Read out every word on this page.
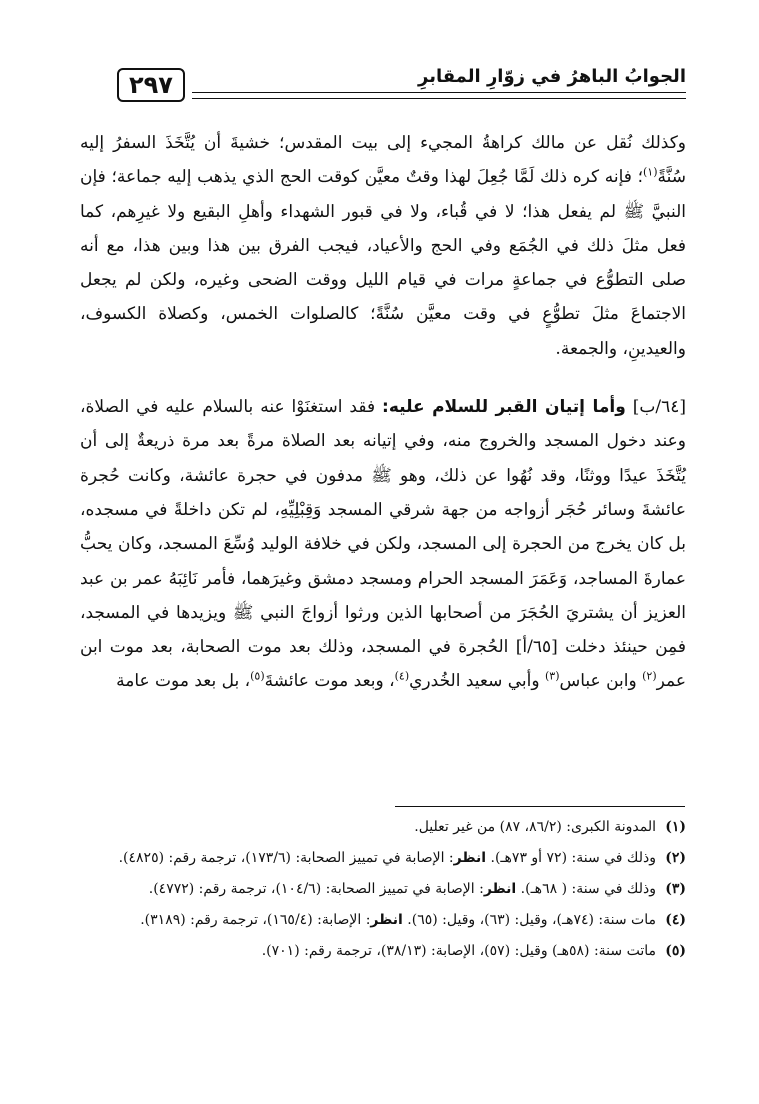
٢٩٧	الجوابُ الباهرُ في زوّارِ المقابرِ

وكذلك نُقل عن مالك كراهةُ المجيء إلى بيت المقدس؛ خشيةَ أن يُتَّخَذَ السفرُ إليه سُنَّةً$^{(١)}$؛ فإنه كره ذلك لَمَّا جُعِلَ لهذا وقتٌ معيَّن كوقت الحج الذي يذهب إليه جماعة؛ فإن النبيَّ ﷺ لم يفعل هذا؛ لا في قُباء، ولا في قبور الشهداء وأهلِ البقيع ولا غيرِهم، كما فعل مثلَ ذلك في الجُمَع وفي الحج والأعياد، فيجب الفرق بين هذا وبين هذا، مع أنه صلى التطوُّع في جماعةٍ مرات في قيام الليل ووقت الضحى وغيره، ولكن لم يجعل الاجتماعَ مثلَ تطوُّعٍ في وقت معيَّن سُنَّةً؛ كالصلوات الخمس، وكصلاة الكسوف، والعيدينِ، والجمعة.

[٦٤/ب] وأما إتيان القبر للسلام عليه: فقد استغنَوْا عنه بالسلام عليه في الصلاة، وعند دخول المسجد والخروج منه، وفي إتيانه بعد الصلاة مرةً بعد مرة ذريعةٌ إلى أن يُتَّخَذَ عيدًا ووثنًا، وقد نُهُوا عن ذلك، وهو ﷺ مدفون في حجرة عائشة، وكانت حُجرة عائشةَ وسائر حُجَر أزواجه من جهة شرقي المسجد وَقِبْلِيِّهِ، لم تكن داخلةً في مسجده، بل كان يخرج من الحجرة إلى المسجد، ولكن في خلافة الوليد وُسِّعَ المسجد، وكان يحبُّ عمارةَ المساجد، وَعَمَرَ المسجد الحرام ومسجد دمشق وغيرَهما، فأمر نَائِبَهُ عمر بن عبد العزيز أن يشتريَ الحُجَرَ من أصحابها الذين ورثوا أزواجَ النبي ﷺ ويزيدها في المسجد، فمِن حينئذ دخلت [٦٥/أ] الحُجرة في المسجد، وذلك بعد موت الصحابة، بعد موت ابن عمر$^{(٢)}$ وابن عباس$^{(٣)}$ وأبي سعيد الخُدري$^{(٤)}$، وبعد موت عائشةَ$^{(٥)}$، بل بعد موت عامة

(١)
المدونة الكبرى: (٨٦/٢، ٨٧) من غير تعليل.
(٢)
وذلك في سنة: (٧٢ أو ٧٣هـ). انظر: الإصابة في تمييز الصحابة: (١٧٣/٦)، ترجمة رقم: (٤٨٢٥).
(٣)
وذلك في سنة: ( ٦٨هـ). انظر: الإصابة في تمييز الصحابة: (١٠٤/٦)، ترجمة رقم: (٤٧٧٢).
(٤)
مات سنة: (٧٤هـ)، وقيل: (٦٣)، وقيل: (٦٥). انظر: الإصابة: (١٦٥/٤)، ترجمة رقم: (٣١٨٩).
(٥)
ماتت سنة: (٥٨هـ) وقيل: (٥٧)، الإصابة: (٣٨/١٣)، ترجمة رقم: (٧٠١).
